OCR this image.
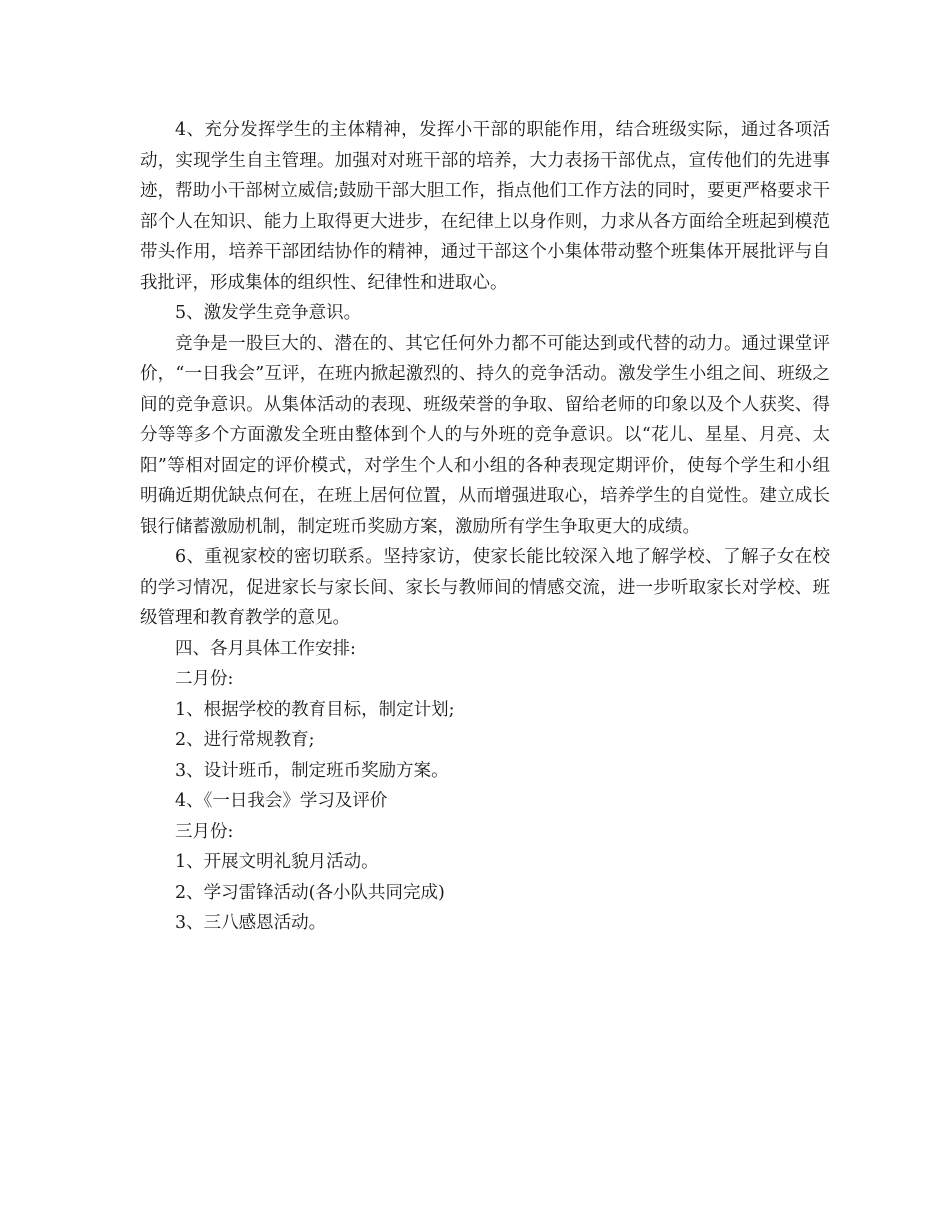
4、充分发挥学生的主体精神，发挥小干部的职能作用，结合班级实际，通过各项活动，实现学生自主管理。加强对对班干部的培养，大力表扬干部优点，宣传他们的先进事迹，帮助小干部树立威信;鼓励干部大胆工作，指点他们工作方法的同时，要更严格要求干部个人在知识、能力上取得更大进步，在纪律上以身作则，力求从各方面给全班起到模范带头作用，培养干部团结协作的精神，通过干部这个小集体带动整个班集体开展批评与自我批评，形成集体的组织性、纪律性和进取心。

5、激发学生竞争意识。

竞争是一股巨大的、潜在的、其它任何外力都不可能达到或代替的动力。通过课堂评价，“一日我会”互评，在班内掀起激烈的、持久的竞争活动。激发学生小组之间、班级之间的竞争意识。从集体活动的表现、班级荣誉的争取、留给老师的印象以及个人获奖、得分等等多个方面激发全班由整体到个人的与外班的竞争意识。以“花儿、星星、月亮、太阳”等相对固定的评价模式，对学生个人和小组的各种表现定期评价，使每个学生和小组明确近期优缺点何在，在班上居何位置，从而增强进取心，培养学生的自觉性。建立成长银行储蓄激励机制，制定班币奖励方案，激励所有学生争取更大的成绩。

6、重视家校的密切联系。坚持家访，使家长能比较深入地了解学校、了解子女在校的学习情况，促进家长与家长间、家长与教师间的情感交流，进一步听取家长对学校、班级管理和教育教学的意见。

四、各月具体工作安排:

二月份:

1、根据学校的教育目标，制定计划;

2、进行常规教育;

3、设计班币，制定班币奖励方案。

4、《一日我会》学习及评价

三月份:

1、开展文明礼貌月活动。

2、学习雷锋活动(各小队共同完成)

3、三八感恩活动。
